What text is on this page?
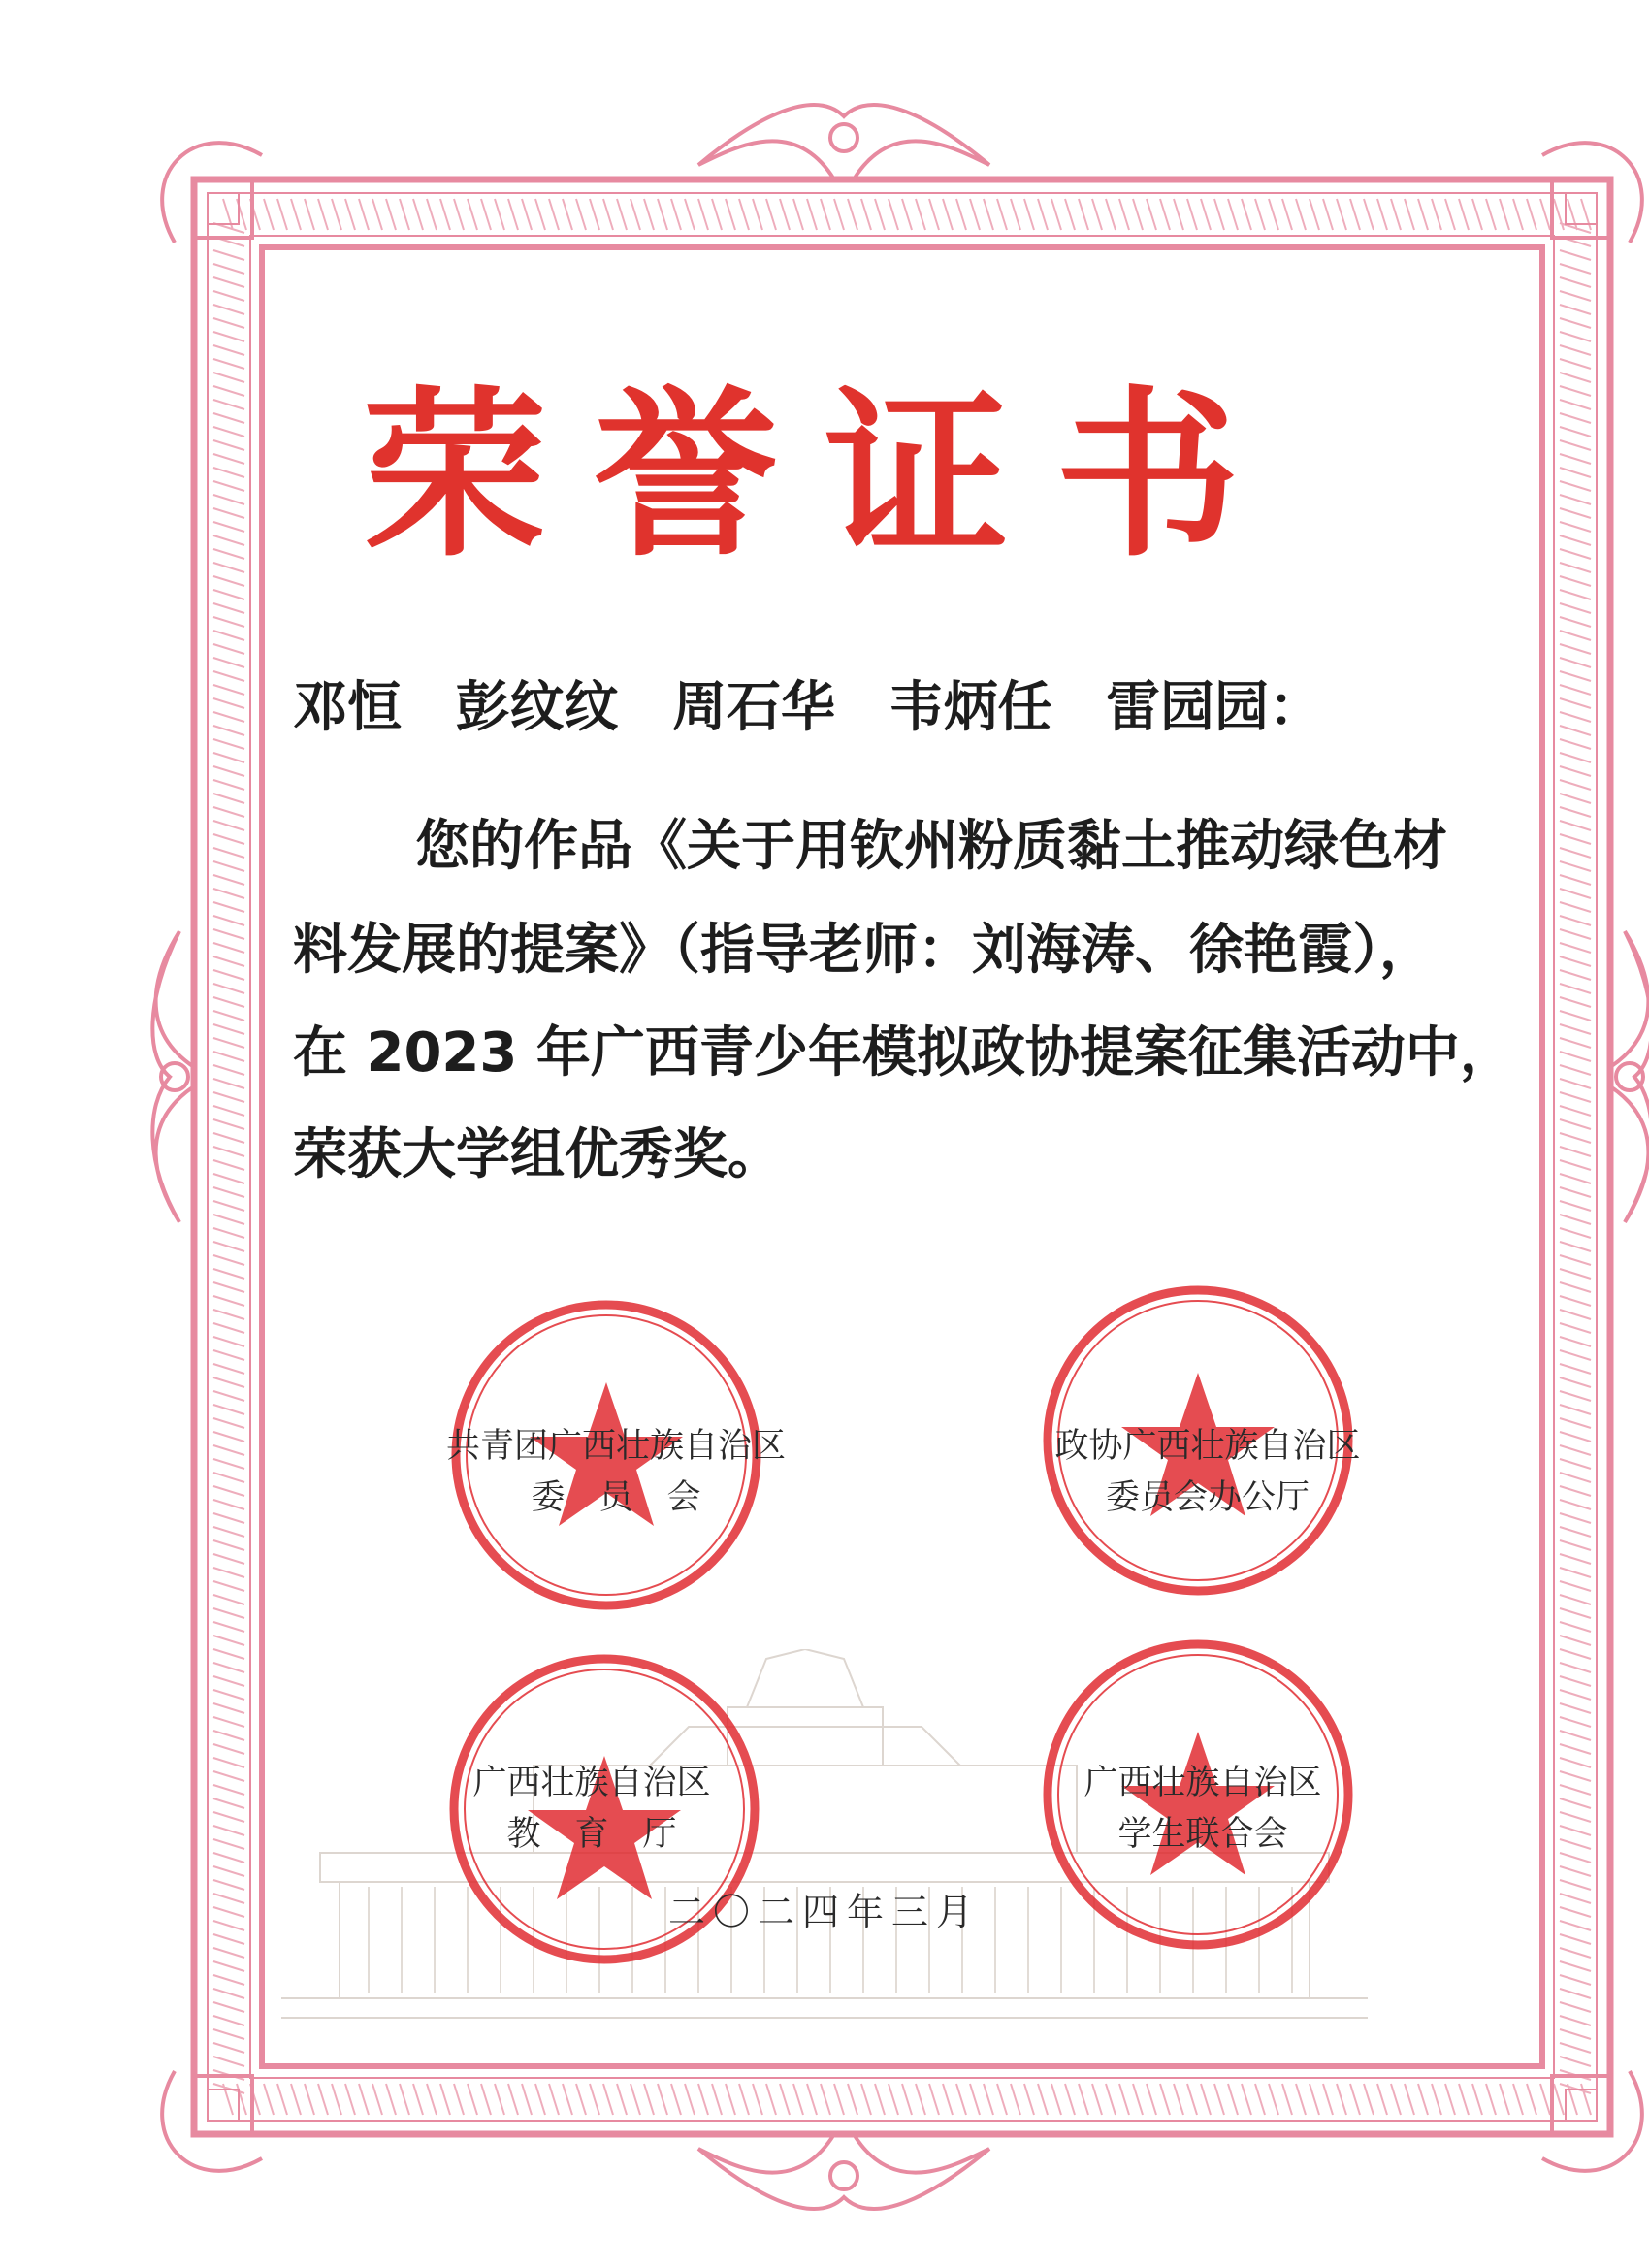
荣誉证书
邓恒 彭纹纹 周石华 韦炳任 雷园园：
您的作品《关于用钦州粉质黏土推动绿色材
料发展的提案》（指导老师：刘海涛、徐艳霞），
在 2023 年广西青少年模拟政协提案征集活动中，
荣获大学组优秀奖。
共青团广西壮族自治区
委　员　会
政协广西壮族自治区
委员会办公厅
广西壮族自治区
教　育　厅
广西壮族自治区
学生联合会
二〇二四年三月
